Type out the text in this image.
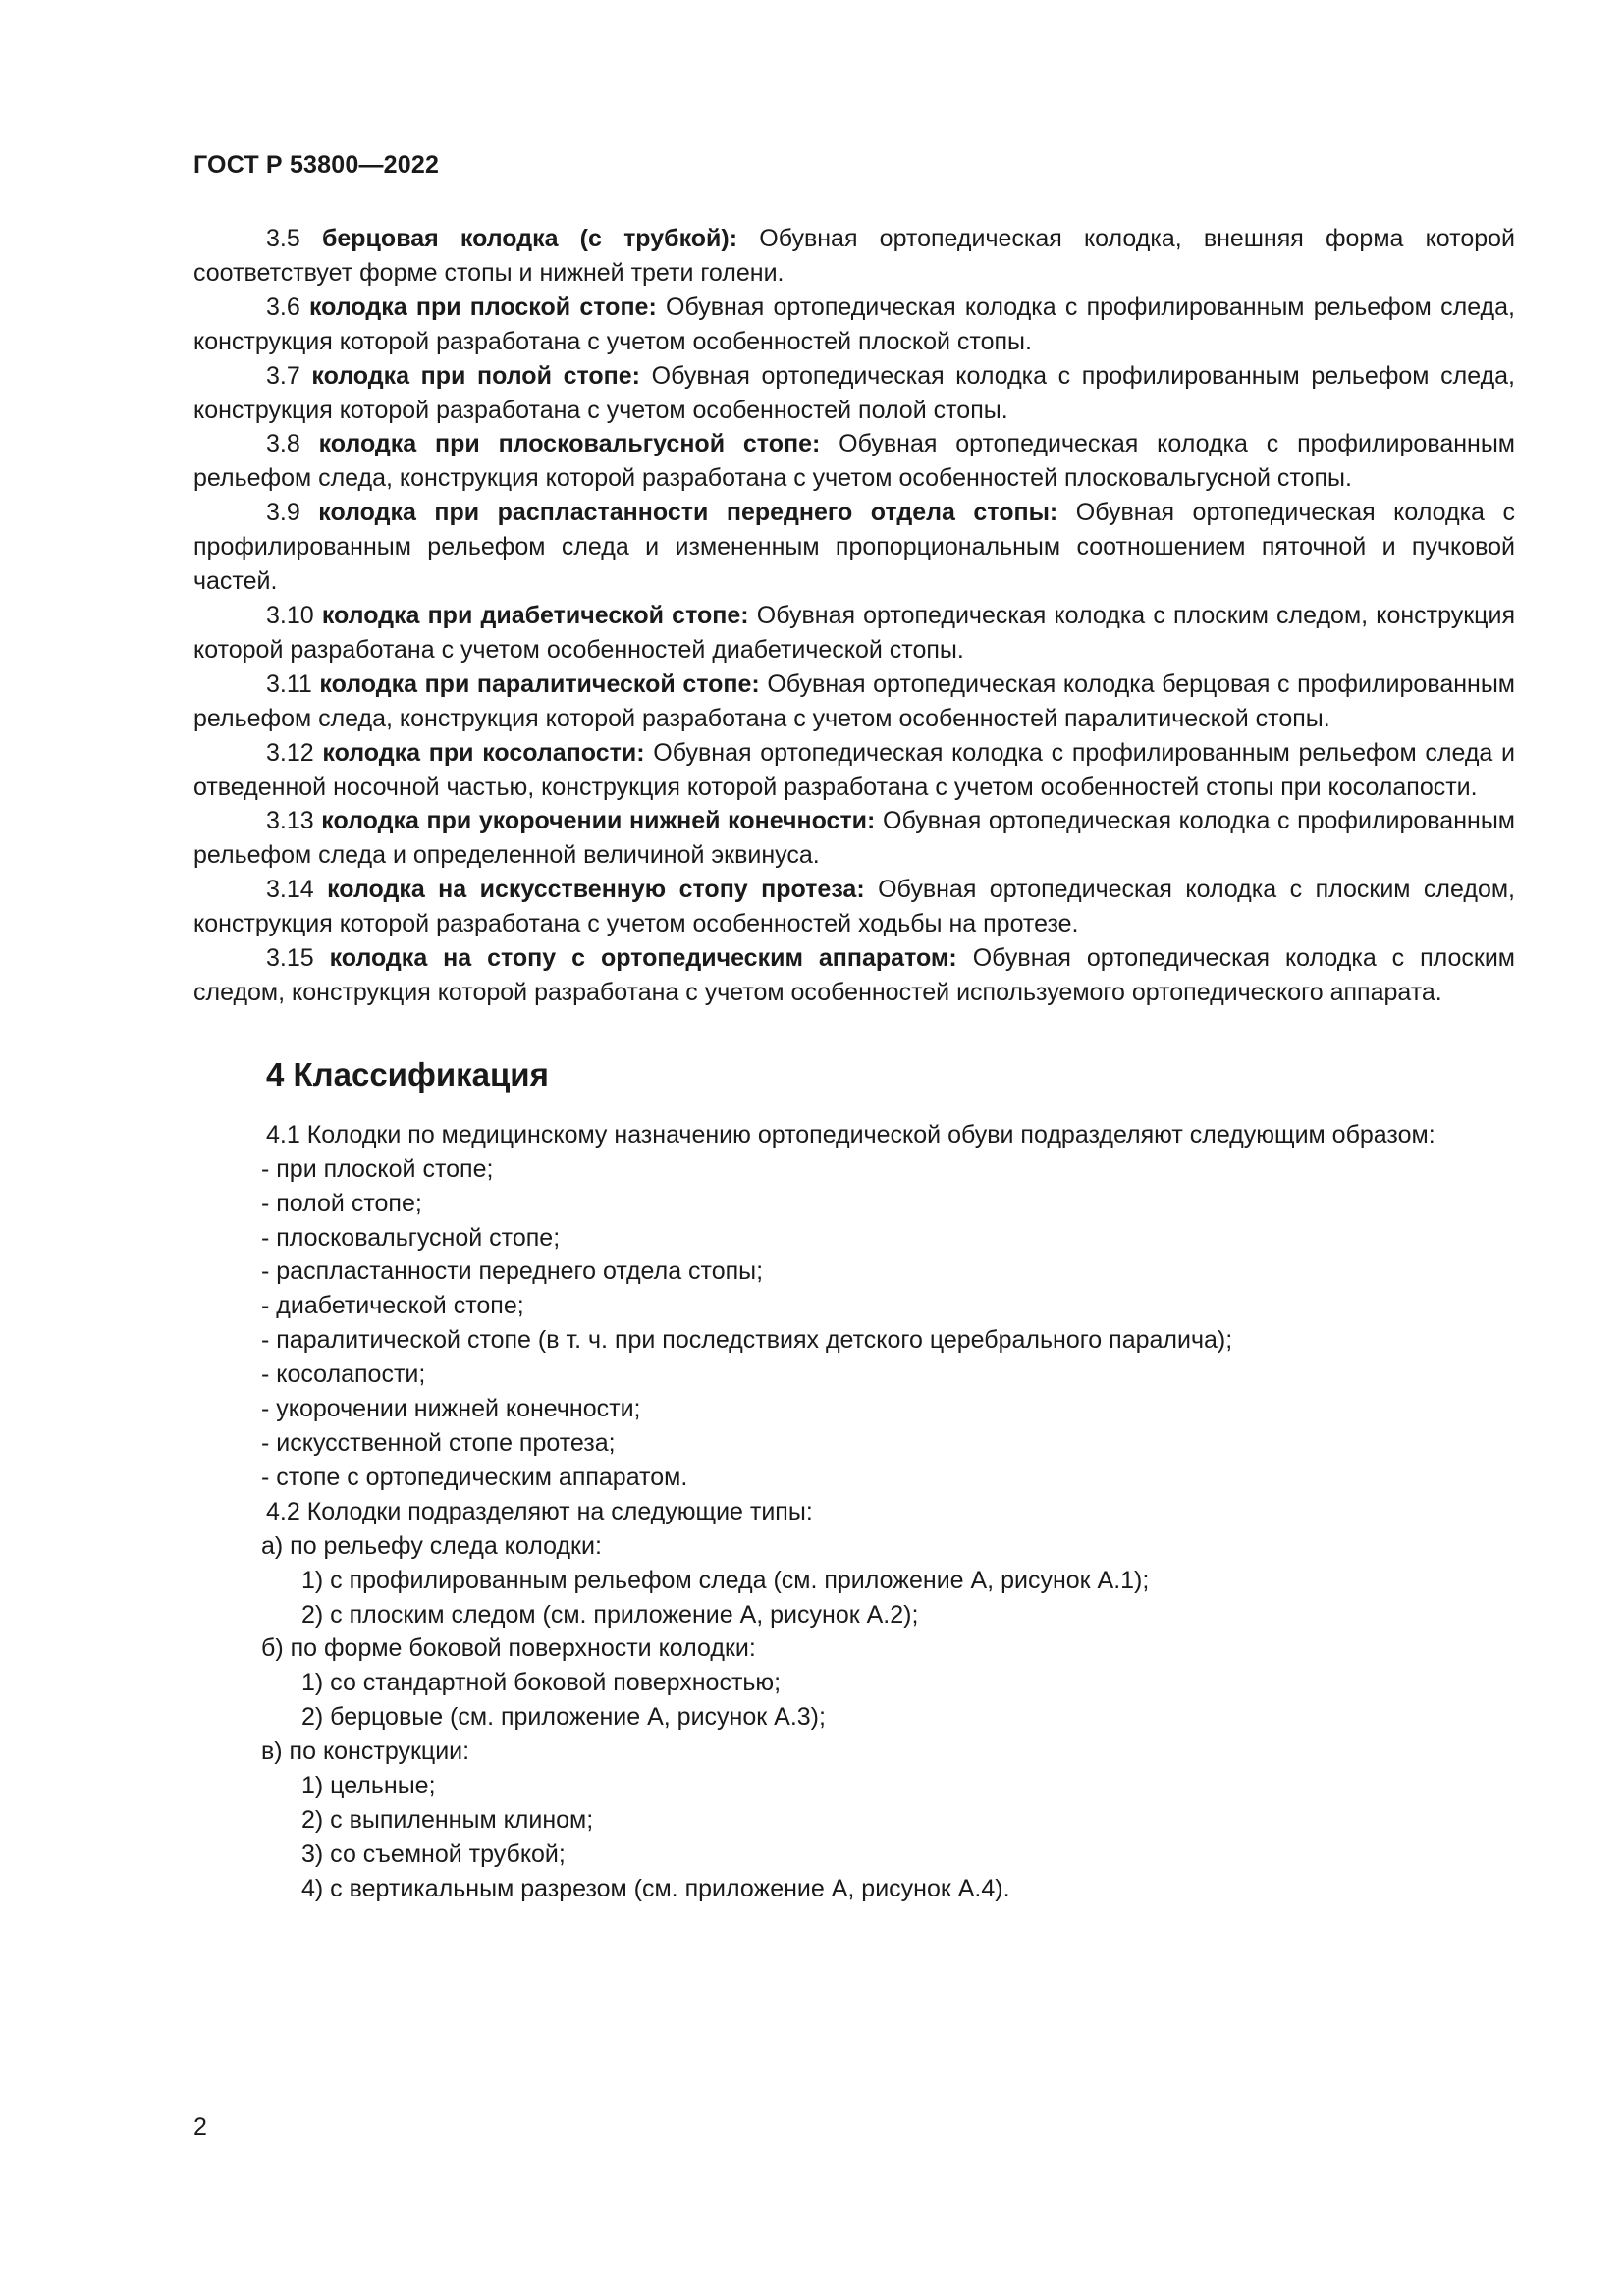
ГОСТ Р 53800—2022

3.5 берцовая колодка (с трубкой): Обувная ортопедическая колодка, внешняя форма которой соответствует форме стопы и нижней трети голени.

3.6 колодка при плоской стопе: Обувная ортопедическая колодка с профилированным рельефом следа, конструкция которой разработана с учетом особенностей плоской стопы.

3.7 колодка при полой стопе: Обувная ортопедическая колодка с профилированным рельефом следа, конструкция которой разработана с учетом особенностей полой стопы.

3.8 колодка при плосковальгусной стопе: Обувная ортопедическая колодка с профилированным рельефом следа, конструкция которой разработана с учетом особенностей плосковальгусной стопы.

3.9 колодка при распластанности переднего отдела стопы: Обувная ортопедическая колодка с профилированным рельефом следа и измененным пропорциональным соотношением пяточной и пучковой частей.

3.10 колодка при диабетической стопе: Обувная ортопедическая колодка с плоским следом, конструкция которой разработана с учетом особенностей диабетической стопы.

3.11 колодка при паралитической стопе: Обувная ортопедическая колодка берцовая с профилированным рельефом следа, конструкция которой разработана с учетом особенностей паралитической стопы.

3.12 колодка при косолапости: Обувная ортопедическая колодка с профилированным рельефом следа и отведенной носочной частью, конструкция которой разработана с учетом особенностей стопы при косолапости.

3.13 колодка при укорочении нижней конечности: Обувная ортопедическая колодка с профилированным рельефом следа и определенной величиной эквинуса.

3.14 колодка на искусственную стопу протеза: Обувная ортопедическая колодка с плоским следом, конструкция которой разработана с учетом особенностей ходьбы на протезе.

3.15 колодка на стопу с ортопедическим аппаратом: Обувная ортопедическая колодка с плоским следом, конструкция которой разработана с учетом особенностей используемого ортопедического аппарата.

4 Классификация

4.1 Колодки по медицинскому назначению ортопедической обуви подразделяют следующим образом:

- при плоской стопе;
- полой стопе;
- плосковальгусной стопе;
- распластанности переднего отдела стопы;
- диабетической стопе;
- паралитической стопе (в т. ч. при последствиях детского церебрального паралича);
- косолапости;
- укорочении нижней конечности;
- искусственной стопе протеза;
- стопе с ортопедическим аппаратом.

4.2 Колодки подразделяют на следующие типы:

а) по рельефу следа колодки:
1) с профилированным рельефом следа (см. приложение А, рисунок А.1);
2) с плоским следом (см. приложение А, рисунок А.2);
б) по форме боковой поверхности колодки:
1) со стандартной боковой поверхностью;
2) берцовые (см. приложение А, рисунок А.3);
в) по конструкции:
1) цельные;
2) с выпиленным клином;
3) со съемной трубкой;
4) с вертикальным разрезом (см. приложение А, рисунок А.4).
2
